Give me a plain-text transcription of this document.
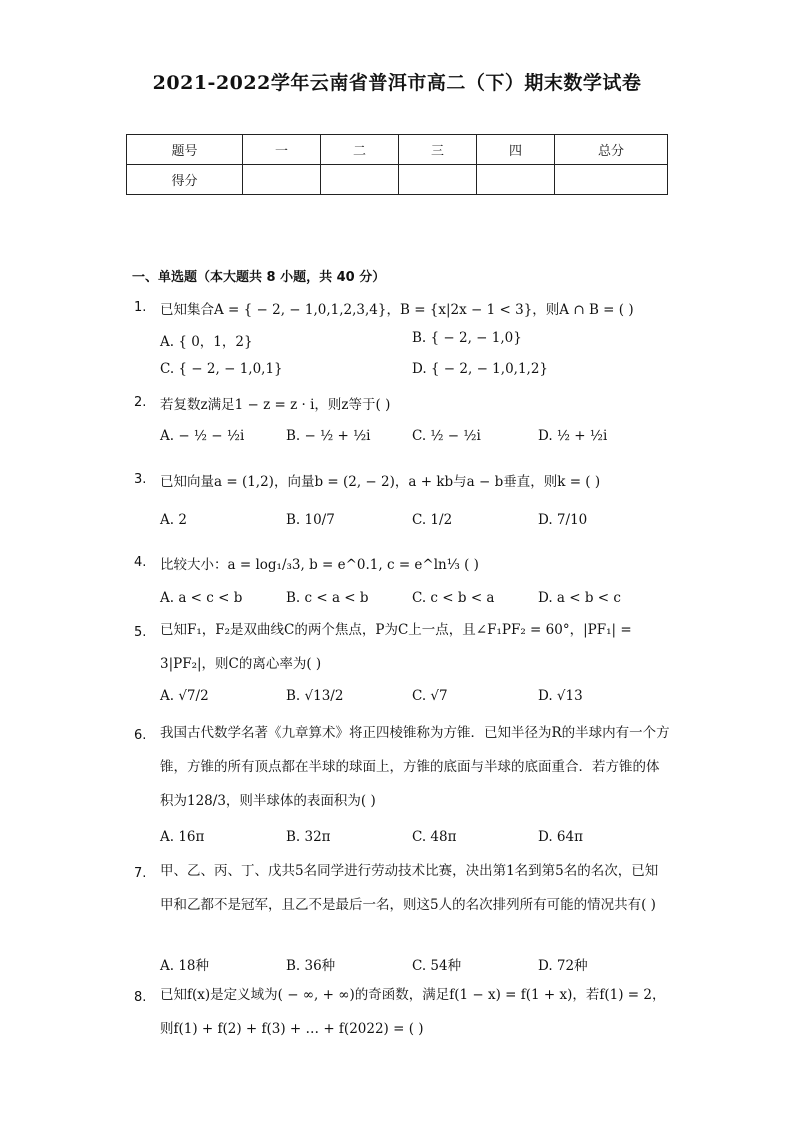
2021-2022学年云南省普洱市高二（下）期末数学试卷
题号	一	二	三	四	总分
得分					
一、单选题（本大题共 8 小题，共 40 分）
1.	已知集合A = { − 2, − 1,0,1,2,3,4}，B = {x|2x − 1 < 3}，则A ∩ B = ( )
A. { 0，1，2}	B. { − 2, − 1,0}
C. { − 2, − 1,0,1}	D. { − 2, − 1,0,1,2}
2.	若复数z满足1 − z = z · i，则z等于( )
A. − ½ − ½i	B. − ½ + ½i	C. ½ − ½i	D. ½ + ½i
3.	已知向量a = (1,2)，向量b = (2, − 2)，a + kb与a − b垂直，则k = ( )
A. 2	B. 10/7	C. 1/2	D. 7/10
4.	比较大小：a = log₁/₃3, b = e^0.1, c = e^ln⅓ ( )
A. a < c < b	B. c < a < b	C. c < b < a	D. a < b < c
5.	已知F₁，F₂是双曲线C的两个焦点，P为C上一点，且∠F₁PF₂ = 60°，|PF₁| = 3|PF₂|，则C的离心率为( )
A. √7/2	B. √13/2	C. √7	D. √13
6.	我国古代数学名著《九章算术》将正四棱锥称为方锥．已知半径为R的半球内有一个方锥，方锥的所有顶点都在半球的球面上，方锥的底面与半球的底面重合．若方锥的体积为128/3，则半球体的表面积为( )
A. 16π	B. 32π	C. 48π	D. 64π
7.	甲、乙、丙、丁、戊共5名同学进行劳动技术比赛，决出第1名到第5名的名次，已知甲和乙都不是冠军，且乙不是最后一名，则这5人的名次排列所有可能的情况共有( )
A. 18种	B. 36种	C. 54种	D. 72种
8.	已知f(x)是定义域为( − ∞, + ∞)的奇函数，满足f(1 − x) = f(1 + x)，若f(1) = 2，则f(1) + f(2) + f(3) + … + f(2022) = ( )
